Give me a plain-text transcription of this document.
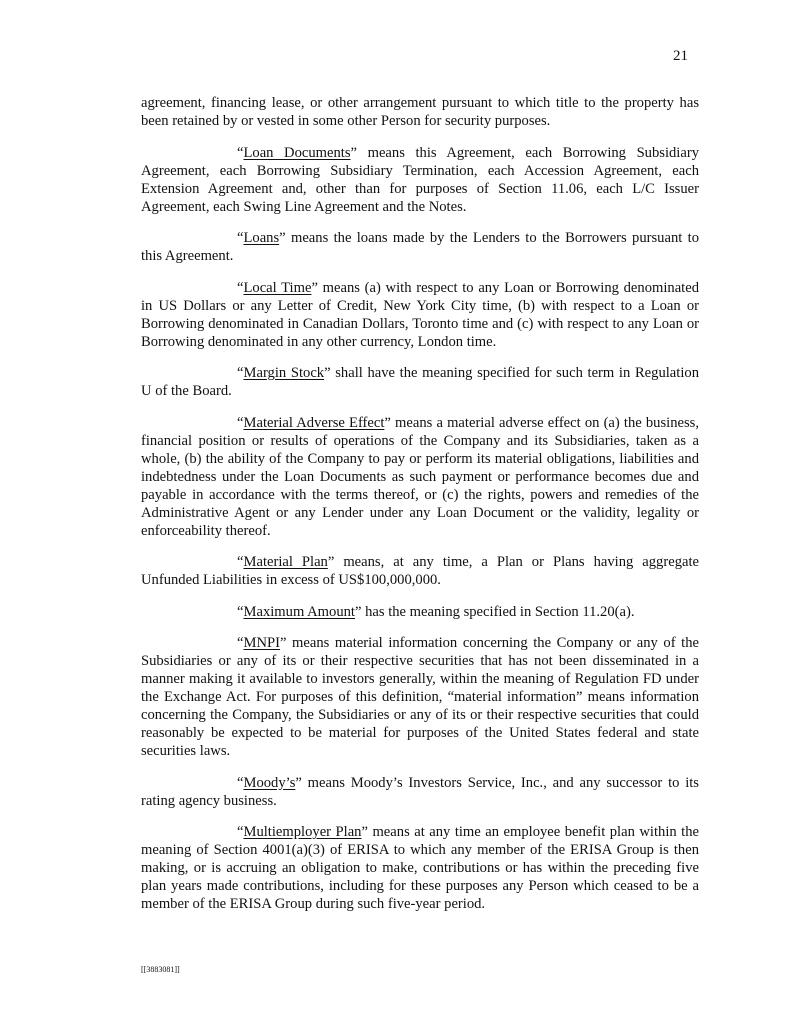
21

agreement, financing lease, or other arrangement pursuant to which title to the property has been retained by or vested in some other Person for security purposes.

“Loan Documents” means this Agreement, each Borrowing Subsidiary Agreement, each Borrowing Subsidiary Termination, each Accession Agreement, each Extension Agreement and, other than for purposes of Section 11.06, each L/C Issuer Agreement, each Swing Line Agreement and the Notes.

“Loans” means the loans made by the Lenders to the Borrowers pursuant to this Agreement.

“Local Time” means (a) with respect to any Loan or Borrowing denominated in US Dollars or any Letter of Credit, New York City time, (b) with respect to a Loan or Borrowing denominated in Canadian Dollars, Toronto time and (c) with respect to any Loan or Borrowing denominated in any other currency, London time.

“Margin Stock” shall have the meaning specified for such term in Regulation U of the Board.

“Material Adverse Effect” means a material adverse effect on (a) the business, financial position or results of operations of the Company and its Subsidiaries, taken as a whole, (b) the ability of the Company to pay or perform its material obligations, liabilities and indebtedness under the Loan Documents as such payment or performance becomes due and payable in accordance with the terms thereof, or (c) the rights, powers and remedies of the Administrative Agent or any Lender under any Loan Document or the validity, legality or enforceability thereof.

“Material Plan” means, at any time, a Plan or Plans having aggregate Unfunded Liabilities in excess of US$100,000,000.

“Maximum Amount” has the meaning specified in Section 11.20(a).

“MNPI” means material information concerning the Company or any of the Subsidiaries or any of its or their respective securities that has not been disseminated in a manner making it available to investors generally, within the meaning of Regulation FD under the Exchange Act. For purposes of this definition, “material information” means information concerning the Company, the Subsidiaries or any of its or their respective securities that could reasonably be expected to be material for purposes of the United States federal and state securities laws.

“Moody’s” means Moody’s Investors Service, Inc., and any successor to its rating agency business.

“Multiemployer Plan” means at any time an employee benefit plan within the meaning of Section 4001(a)(3) of ERISA to which any member of the ERISA Group is then making, or is accruing an obligation to make, contributions or has within the preceding five plan years made contributions, including for these purposes any Person which ceased to be a member of the ERISA Group during such five-year period.

[[3883081]]
